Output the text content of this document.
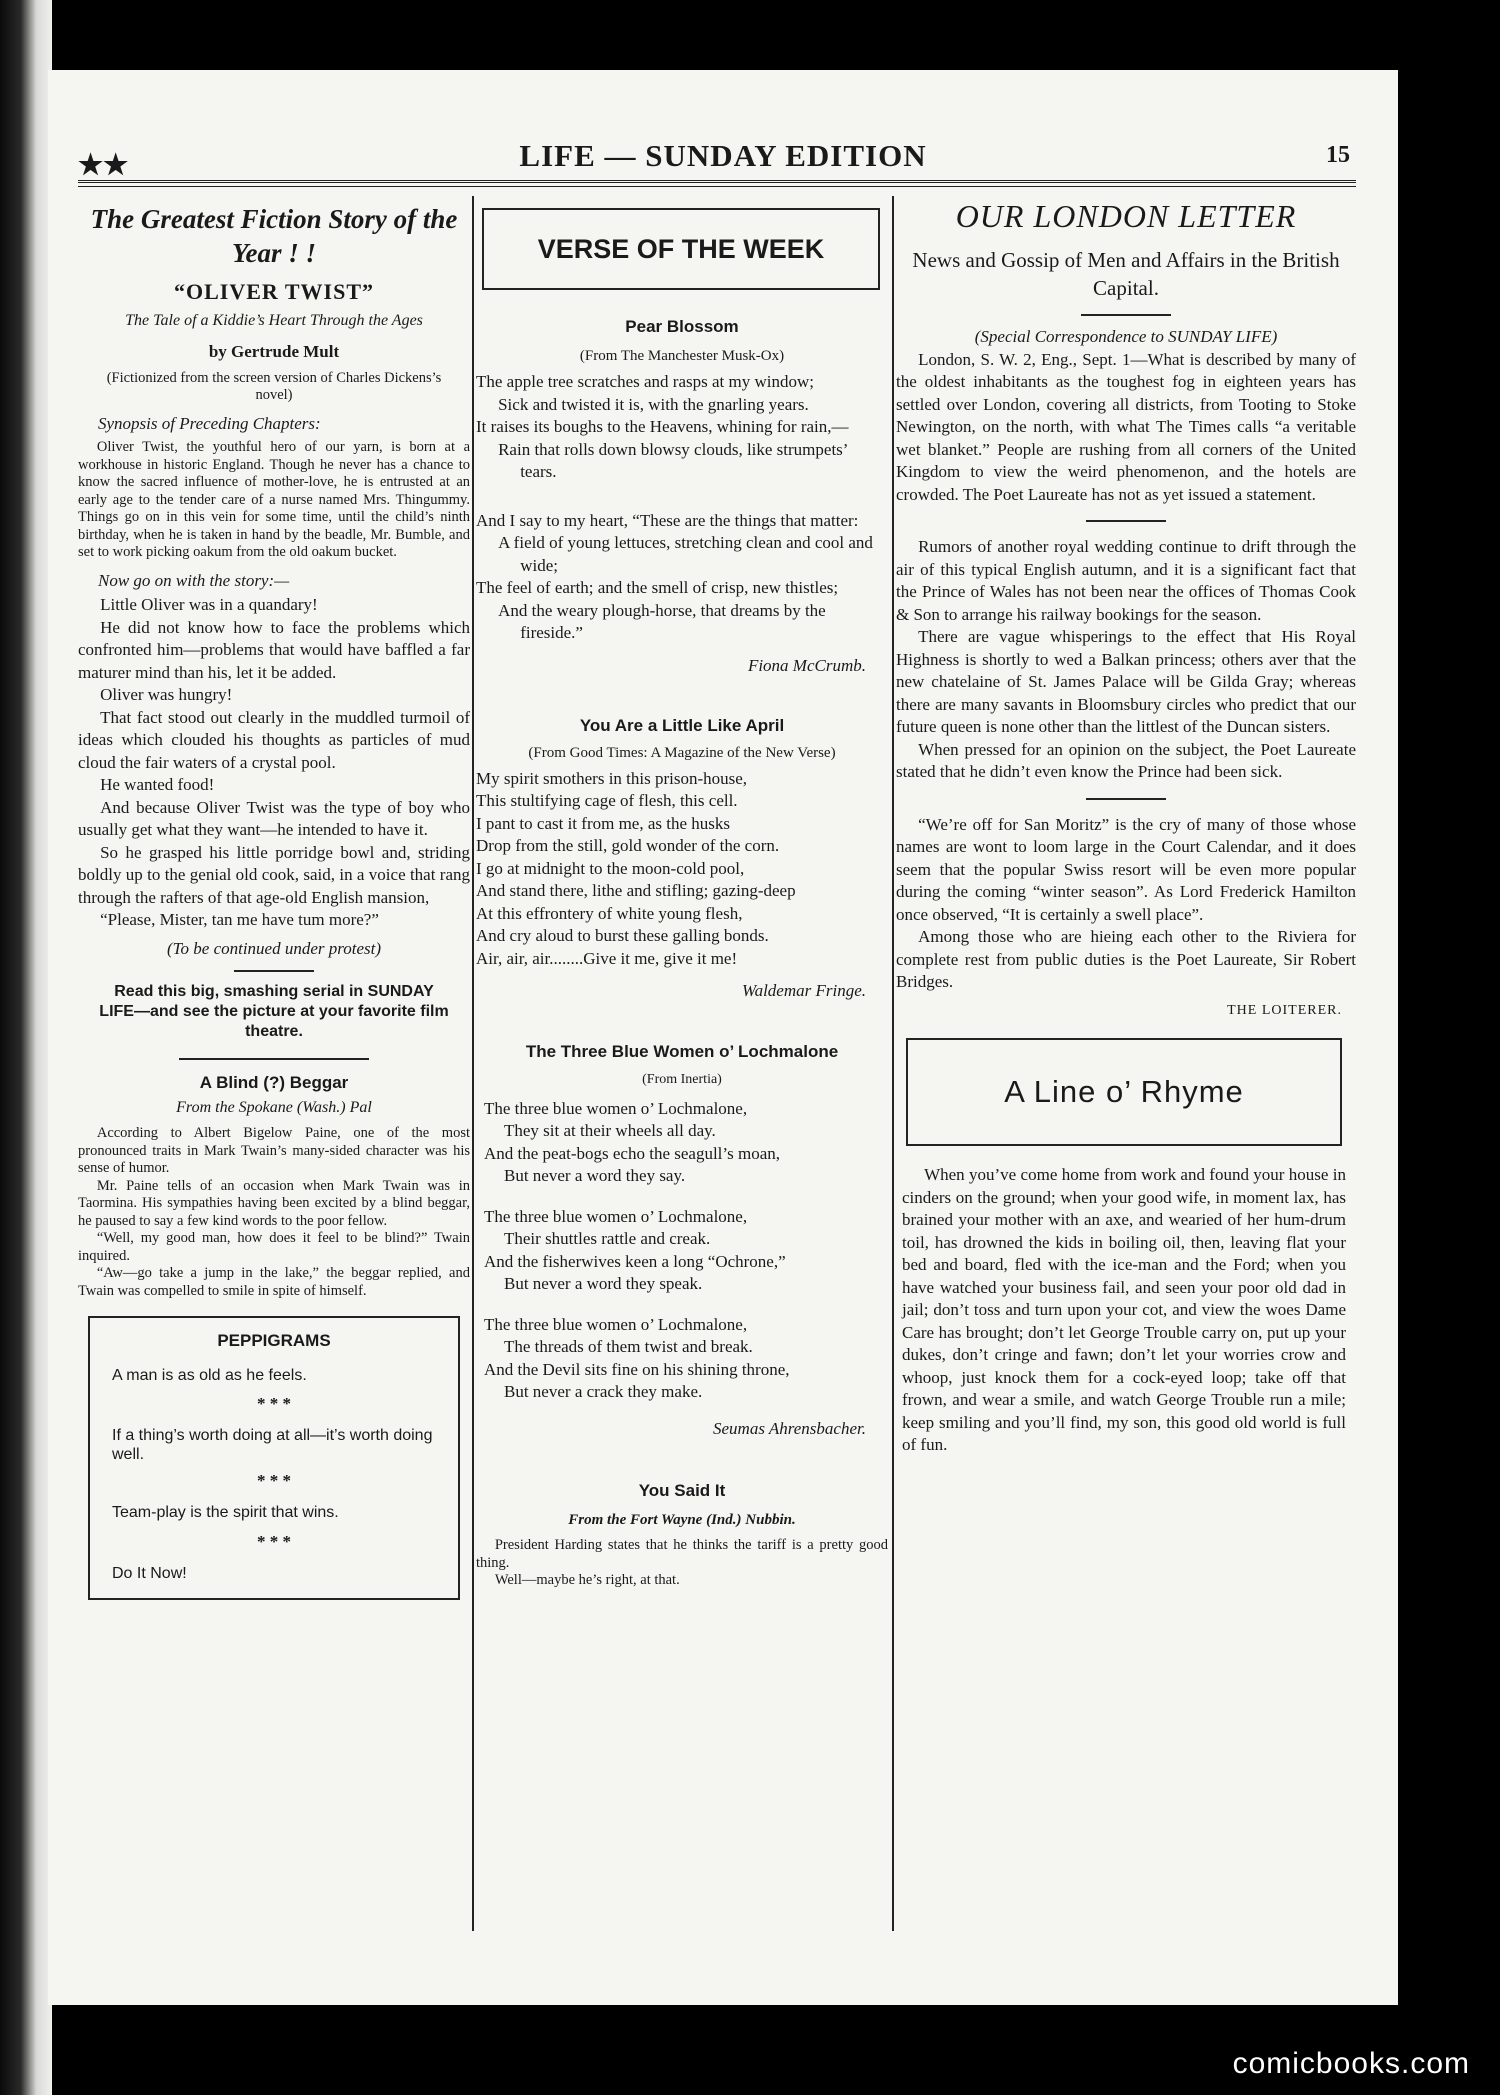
★★	LIFE — SUNDAY EDITION	15
The Greatest Fiction Story of the Year ! !
“OLIVER TWIST”
The Tale of a Kiddie’s Heart Through the Ages
by Gertrude Mult
(Fictionized from the screen version of Charles Dickens’s novel)
Synopsis of Preceding Chapters:

Oliver Twist, the youthful hero of our yarn, is born at a workhouse in historic England. Though he never has a chance to know the sacred influence of mother-love, he is entrusted at an early age to the tender care of a nurse named Mrs. Thingummy. Things go on in this vein for some time, until the child’s ninth birthday, when he is taken in hand by the beadle, Mr. Bumble, and set to work picking oakum from the old oakum bucket.

Now go on with the story:—

Little Oliver was in a quandary!

He did not know how to face the problems which confronted him—problems that would have baffled a far maturer mind than his, let it be added.

Oliver was hungry!

That fact stood out clearly in the muddled turmoil of ideas which clouded his thoughts as particles of mud cloud the fair waters of a crystal pool.

He wanted food!

And because Oliver Twist was the type of boy who usually get what they want—he intended to have it.

So he grasped his little porridge bowl and, striding boldly up to the genial old cook, said, in a voice that rang through the rafters of that age-old English mansion,

“Please, Mister, tan me have tum more?”

(To be continued under protest)
Read this big, smashing serial in SUNDAY LIFE—and see the picture at your favorite film theatre.
A Blind (?) Beggar
From the Spokane (Wash.) Pal

According to Albert Bigelow Paine, one of the most pronounced traits in Mark Twain’s many-sided character was his sense of humor.

Mr. Paine tells of an occasion when Mark Twain was in Taormina. His sympathies having been excited by a blind beggar, he paused to say a few kind words to the poor fellow.

“Well, my good man, how does it feel to be blind?” Twain inquired.

“Aw—go take a jump in the lake,” the beggar replied, and Twain was compelled to smile in spite of himself.

PEPPIGRAMS

A man is as old as he feels.

* * *

If a thing’s worth doing at all—it’s worth doing well.

* * *

Team-play is the spirit that wins.

* * *

Do It Now!

VERSE OF THE WEEK
Pear Blossom
(From The Manchester Musk-Ox)

The apple tree scratches and rasps at my window;

Sick and twisted it is, with the gnarling years.

It raises its boughs to the Heavens, whining for rain,—

Rain that rolls down blowsy clouds, like strumpets’ tears.

And I say to my heart, “These are the things that matter:

A field of young lettuces, stretching clean and cool and wide;

The feel of earth; and the smell of crisp, new thistles;

And the weary plough-horse, that dreams by the fireside.”

Fiona McCrumb.
You Are a Little Like April
(From Good Times: A Magazine of the New Verse)

My spirit smothers in this prison-house,

This stultifying cage of flesh, this cell.

I pant to cast it from me, as the husks

Drop from the still, gold wonder of the corn.

I go at midnight to the moon-cold pool,

And stand there, lithe and stifling; gazing-deep

At this effrontery of white young flesh,

And cry aloud to burst these galling bonds.

Air, air, air........Give it me, give it me!

Waldemar Fringe.
The Three Blue Women o’ Lochmalone
(From Inertia)

The three blue women o’ Lochmalone,

They sit at their wheels all day.

And the peat-bogs echo the seagull’s moan,

But never a word they say.

The three blue women o’ Lochmalone,

Their shuttles rattle and creak.

And the fisherwives keen a long “Ochrone,”

But never a word they speak.

The three blue women o’ Lochmalone,

The threads of them twist and break.

And the Devil sits fine on his shining throne,

But never a crack they make.

Seumas Ahrensbacher.
You Said It
From the Fort Wayne (Ind.) Nubbin.

President Harding states that he thinks the tariff is a pretty good thing.

Well—maybe he’s right, at that.

OUR LONDON LETTER
News and Gossip of Men and Affairs in the British Capital.
(Special Correspondence to SUNDAY LIFE)

London, S. W. 2, Eng., Sept. 1—What is described by many of the oldest inhabitants as the toughest fog in eighteen years has settled over London, covering all districts, from Tooting to Stoke Newington, on the north, with what The Times calls “a veritable wet blanket.” People are rushing from all corners of the United Kingdom to view the weird phenomenon, and the hotels are crowded. The Poet Laureate has not as yet issued a statement.

Rumors of another royal wedding continue to drift through the air of this typical English autumn, and it is a significant fact that the Prince of Wales has not been near the offices of Thomas Cook & Son to arrange his railway bookings for the season.

There are vague whisperings to the effect that His Royal Highness is shortly to wed a Balkan princess; others aver that the new chatelaine of St. James Palace will be Gilda Gray; whereas there are many savants in Bloomsbury circles who predict that our future queen is none other than the littlest of the Duncan sisters.

When pressed for an opinion on the subject, the Poet Laureate stated that he didn’t even know the Prince had been sick.

“We’re off for San Moritz” is the cry of many of those whose names are wont to loom large in the Court Calendar, and it does seem that the popular Swiss resort will be even more popular during the coming “winter season”. As Lord Frederick Hamilton once observed, “It is certainly a swell place”.

Among those who are hieing each other to the Riviera for complete rest from public duties is the Poet Laureate, Sir Robert Bridges.

THE LOITERER.
A Line o’ Rhyme

When you’ve come home from work and found your house in cinders on the ground; when your good wife, in moment lax, has brained your mother with an axe, and wearied of her hum-drum toil, has drowned the kids in boiling oil, then, leaving flat your bed and board, fled with the ice-man and the Ford; when you have watched your business fail, and seen your poor old dad in jail; don’t toss and turn upon your cot, and view the woes Dame Care has brought; don’t let George Trouble carry on, put up your dukes, don’t cringe and fawn; don’t let your worries crow and whoop, just knock them for a cock-eyed loop; take off that frown, and wear a smile, and watch George Trouble run a mile; keep smiling and you’ll find, my son, this good old world is full of fun.

comicbooks.com
